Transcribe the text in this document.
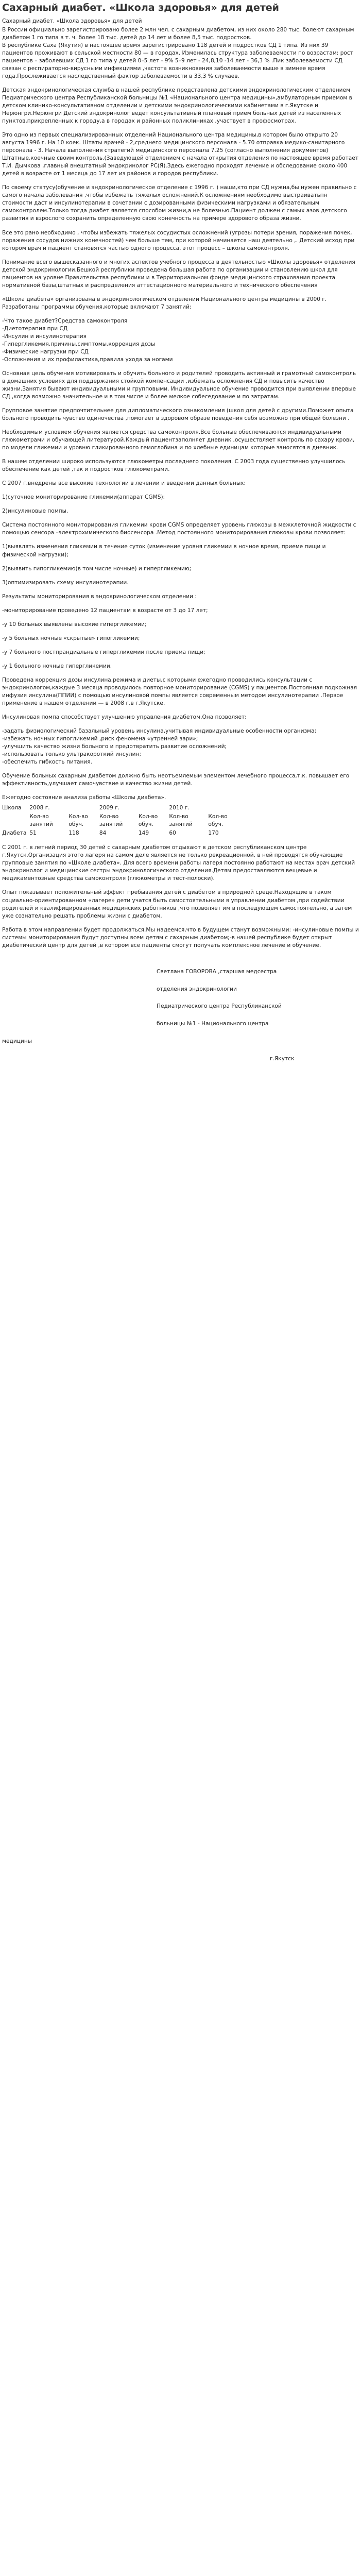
Сахарный диабет. «Школа здоровья» для детей

Сахарный диабет. «Школа здоровья» для детей

В России официально зарегистрировано более 2 млн чел. с сахарным диабетом, из них около 280 тыс. болеют сахарным диабетом 1 го типа в т. ч. более 18 тыс. детей до 14 лет и более 8,5 тыс. подростков.
В республике Саха (Якутия) в настоящее время зарегистрировано 118 детей и подростков СД 1 типа. Из них 39 пациентов проживают в сельской местности 80 — в городах. Изменилась структура заболеваемости по возрастам: рост пациентов – заболевших СД 1 го типа у детей 0–5 лет - 9% 5–9 лет - 24,8,10 -14 лет - 36,3 % .Пик заболеваемости СД связан с респираторно-вирусными инфекциями ,частота возникновения заболеваемости выше в зимнее время года.Прослеживается наследственный фактор заболеваемости в 33,3 % случаев.

Детская эндокринологическая служба в нашей республике представлена детскими эндокринологическим отделением Педиатрического центра Республиканской больницы №1 «Национального центра медицины»,амбулаторным приемом в детском клинико-консультативном отделении и детскими эндокринологическими кабинетами в г.Якутске и Нерюнгри.Нерюнгри Детский эндокринолог ведет консультативный плановый прием больных детей из населенных пунктов,прикрепленных к городу,а в городах и районных поликлиниках ,участвует в профосмотрах.

Это одно из первых специализированных отделений Национального центра медицины,в котором было открыто 20 августа 1996 г. На 10 коек. Штаты врачей - 2,среднего медицинского персонала - 5.70 отправка медико-санитарного персонала - 3. Начала выполнения стратегий медицинского персонала 7.25 (согласно выполнения документов) Штатные,коечные своим контроль.(Заведующей отделением с начала открытия отделения по настоящее время работает Т.И. Дымкова ,главный внештатный эндокринолог РС(Я).Здесь ежегодно проходят лечение и обследование около 400 детей в возрасте от 1 месяца до 17 лет из районов и городов республики.

По своему статусу(обучение и эндокринологическое отделение с 1996 г. ) наши,кто при СД нужна,бы нужен правильно с самого начала заболевания ,чтобы избежать тяжелых осложнений.К осложнениям необходимо выстраиватьпн стоимости даст и инсулинотерапии в сочетании с дозированными физическими нагрузками и обязательным самоконтролем.Только тогда диабет является способом жизни,а не болезнью.Пациент должен с самых азов детского развития и взрослого сохранить определенную свою конечность на примере здорового образа жизни.

Все это рано необходимо , чтобы избежать тяжелых сосудистых осложнений (угрозы потери зрения, поражения почек, поражения сосудов нижних конечностей) чем больше тем, при которой начинается наш деятельно ,. Детский исход при котором врач и пациент становятся частью одного процесса, этот процесс – школа самоконтроля.

Понимание всего вышесказанного и многих аспектов учебного процесса в деятельностью «Школы здоровья» отделения детской эндокринологии.Бешкой республики проведена большая работа по организации и становлению школ для пациентов на уровне Правительства республики и в Территориальном фонде медицинского страхования проекта нормативной базы,штатных и распределения аттестационного материального и технического обеспечения

«Школа диабета» организована в эндокринологическом отделении Национального центра медицины в 2000 г. Разработаны программы обучения,которые включают 7 занятий:

-Что такое диабет?Средства самоконтроля
-Диетотерапия при СД
-Инсулин и инсулинотерапия
-Гипергликемия,причины,симптомы,коррекция дозы
-Физические нагрузки при СД
-Осложнения и их профилактика,правила ухода за ногами

Основная цель обучения мотивировать и обучить больного и родителей проводить активный и грамотный самоконтроль в домашних условиях для поддержания стойкой компенсации ,избежать осложнения СД и повысить качество жизни.Занятия бывают индивидуальными и групповыми. Индивидуальное обучение проводится при выявлении впервые СД ,когда возможно значительное и в том числе и более мелкое собеседование и по затратам.

Групповое занятие предпочтительнее для дипломатического ознакомления (школ для детей с другими.Поможет опыта больного проводить чувство одиночества ,помогает в здоровом образе поведения себя возможно при общей болезни .

Необходимым условием обучения является средства самоконтроля.Все больные обеспечиваются индивидуальными глюкометрами и обучающей литературой.Каждый пациентзаполняет дневник ,осуществляет контроль по сахару крови, по модели гликемии и уровню гликированного гемоглобина и по хлебные единицам которые заносятся в дневник.

В нашем отделении широко используются глюкометры последнего поколения. С 2003 года существенно улучшилось обеспечение как детей ,так и подростков глюкометрами.

С 2007 г.внедрены все высокие технологии в лечении и введении данных больных:

1)суточное мониторирование гликемии(аппарат CGMS);

2)инсулиновые помпы.

Система постоянного мониторирования гликемии крови CGMS определяет уровень глюкозы в межклеточной жидкости с помощью сенсора –электрохимического биосенсора .Метод постоянного мониторирования глюкозы крови позволяет:

1)выявлять изменения гликемии в течение суток (изменение уровня гликемии в ночное время, приеме пищи и физической нагрузки);

2)выявить гипогликемию(в том числе ночные) и гипергликемию;

3)оптимизировать схему инсулинотерапии.

Результаты мониторирования в эндокринологическом отделении :

-мониторирование проведено 12 пациентам в возрасте от 3 до 17 лет;

-у 10 больных выявлены высокие гипергликемии;

-у 5 больных ночные «скрытые» гипогликемии;

-у 7 больного постпрандиальные гипергликемии после приема пищи;

-у 1 больного ночные гипергликемии.

Проведена коррекция дозы инсулина,режима и диеты,с которыми ежегодно проводились консультации с эндокринологом,каждые 3 месяца проводилось повторное мониторирование (CGMS) у пациентов.Постоянная подкожная инфузия инсулина(ППИИ) с помощью инсулиновой помпы является современным методом инсулинотерапии .Первое применение в нашем отделении — в 2008 г.в г.Якутске.

Инсулиновая помпа способствует улучшению управления диабетом.Она позволяет:

-задать физиологический базальный уровень инсулина,учитывая индивидуальные особенности организма;
-избежать ночных гипогликемий ,риск феномена «утренней зари»;
-улучшить качество жизни больного и предотвратить развитие осложнений;
-использовать только ультракороткий инсулин;
-обеспечить гибкость питания.

Обучение больных сахарным диабетом должно быть неотъемлемым элементом лечебного процесса,т.к. повышает его эффективность,улучшает самочувствие и качество жизни детей.

Ежегодно состояние анализа работы «Школы диабета».

Школа	2008 г.		2009 г.		2010 г.	
	Кол-во занятий	Кол-во обуч.	Кол-во занятий	Кол-во обуч.	Кол-во занятий	Кол-во обуч.
Диабета	51	118	84	149	60	170

С 2001 г. в летний период 30 детей с сахарным диабетом отдыхают в детском республиканском центре г.Якутск.Организация этого лагеря на самом деле является не только рекреационной, в ней проводятся обучающие групповые занятия по «Школе диабета». Для всего времени работы лагеря постоянно работают на местах врач детский эндокринолог и медицинские сестры эндокринологического отделения.Детям предоставляются вещевые и медикаментозные средства самоконтроля (глюкометры и тест-полоски).

Опыт показывает положительный эффект пребывания детей с диабетом в природной среде.Находящие в таком социально-ориентированном «лагере» дети учатся быть самостоятельными в управлении диабетом ,при содействии родителей и квалифицированных медицинских работников ,что позволяет им в последующем самостоятельно, а затем уже сознательно решать проблемы жизни с диабетом.

Работа в этом направлении будет продолжаться.Мы надеемся,что в будущем станут возможными: -инсулиновые помпы и системы мониторирования будут доступны всем детям с сахарным диабетом;-в нашей республике будет открыт диабетический центр для детей ,в котором все пациенты смогут получать комплексное лечение и обучение.

Светлана ГОВОРОВА ,старшая медсестра

отделения эндокринологии

Педиатрического центра Республиканской

больницы №1 - Национального центра

медицины

г.Якутск
